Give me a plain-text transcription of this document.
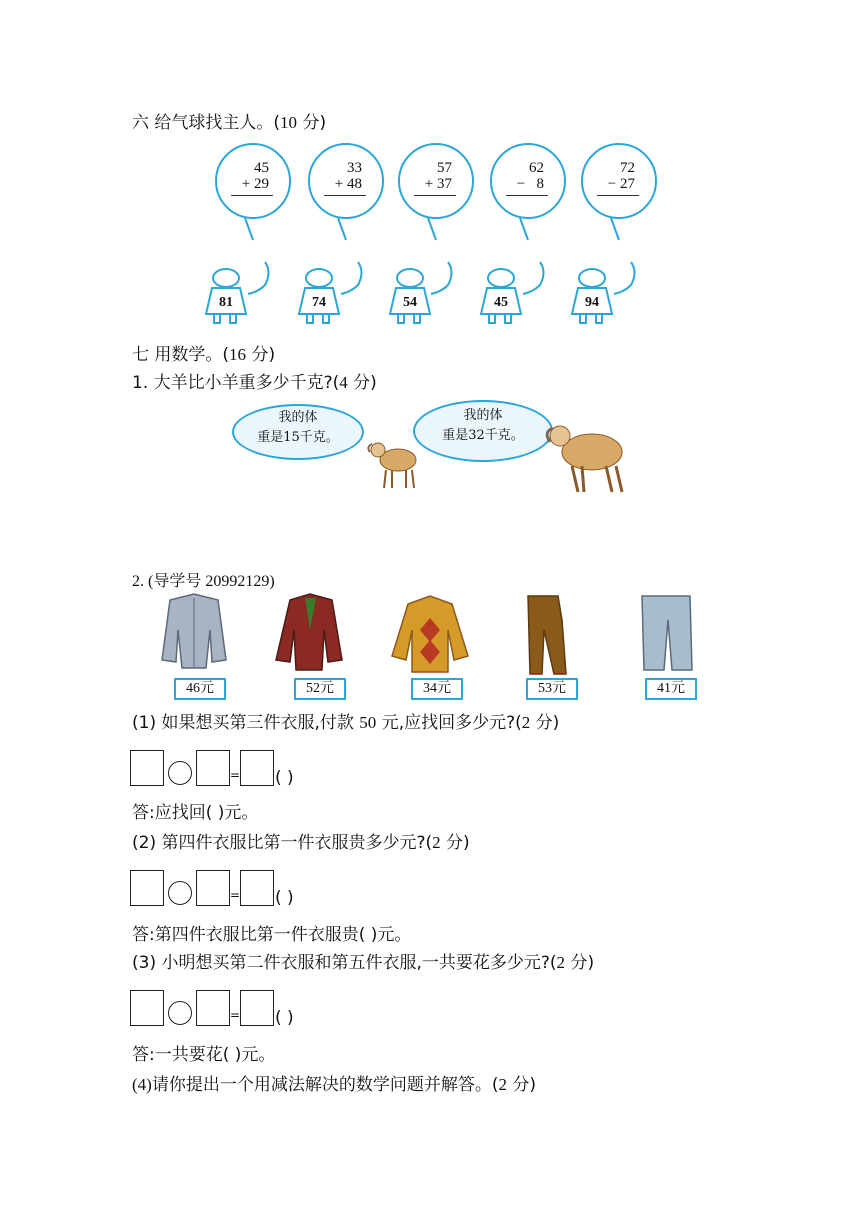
六 给气球找主人。(10 分)
45
+ 29
33
+ 48
57
+ 37
62
− 8
72
− 27
81	74	54	45	94
七 用数学。(16 分)
1. 大羊比小羊重多少千克?(4 分)
我的体
重是15千克。
我的体
重是32千克。
2. (导学号 20992129)
46元	52元	34元	53元	41元
(1) 如果想买第三件衣服,付款 50 元,应找回多少元?(2 分)
= ( )
答:应找回( )元。
(2) 第四件衣服比第一件衣服贵多少元?(2 分)
= ( )
答:第四件衣服比第一件衣服贵( )元。
(3) 小明想买第二件衣服和第五件衣服,一共要花多少元?(2 分)
= ( )
答:一共要花( )元。
(4)请你提出一个用减法解决的数学问题并解答。(2 分)
